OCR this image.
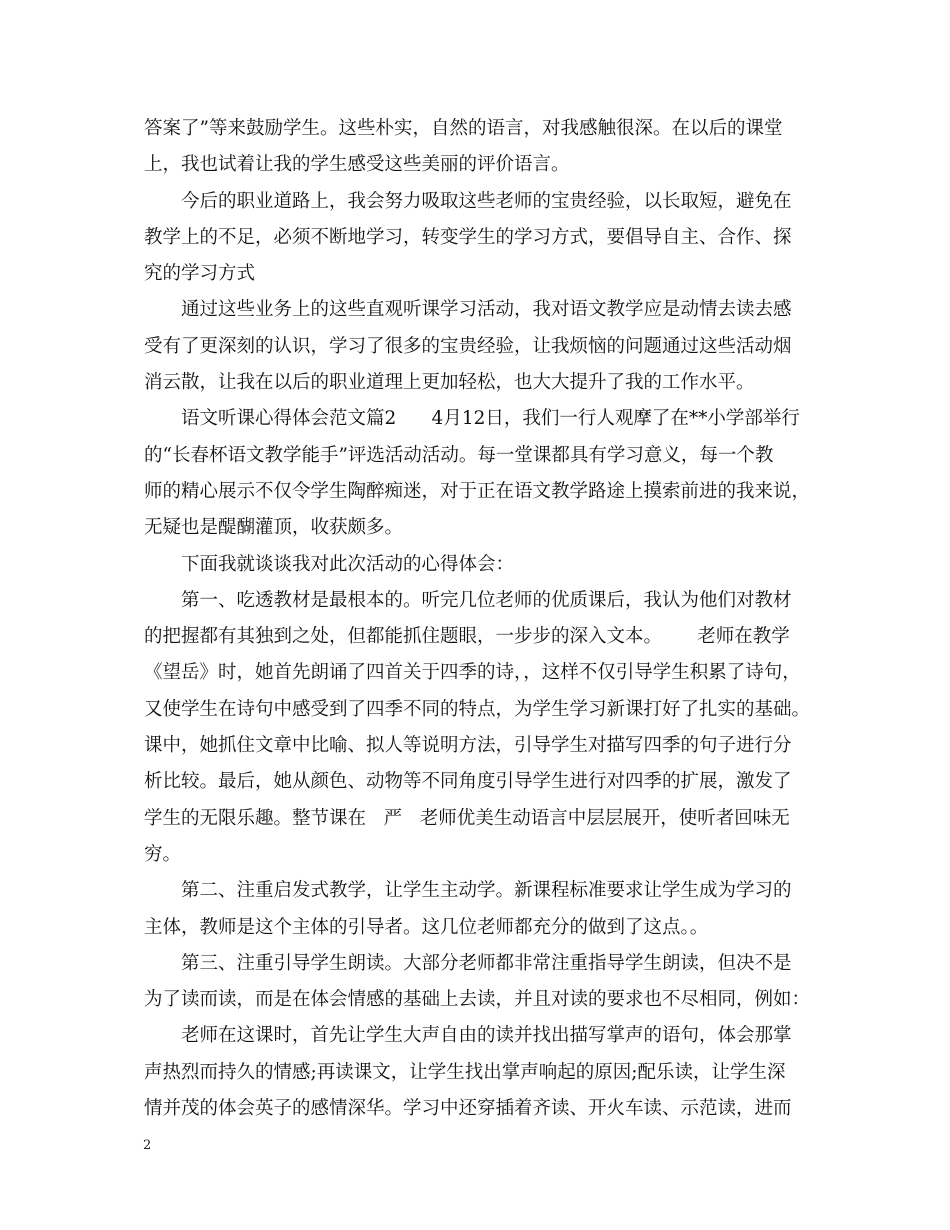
答案了”等来鼓励学生。这些朴实，自然的语言，对我感触很深。在以后的课堂
上，我也试着让我的学生感受这些美丽的评价语言。
今后的职业道路上，我会努力吸取这些老师的宝贵经验，以长取短，避免在
教学上的不足，必须不断地学习，转变学生的学习方式，要倡导自主、合作、探
究的学习方式
通过这些业务上的这些直观听课学习活动，我对语文教学应是动情去读去感
受有了更深刻的认识，学习了很多的宝贵经验，让我烦恼的问题通过这些活动烟
消云散，让我在以后的职业道理上更加轻松，也大大提升了我的工作水平。
语文听课心得体会范文篇2      4月12日，我们一行人观摩了在**小学部举行
的“长春杯语文教学能手”评选活动活动。每一堂课都具有学习意义，每一个教
师的精心展示不仅令学生陶醉痴迷，对于正在语文教学路途上摸索前进的我来说，
无疑也是醍醐灌顶，收获颇多。
下面我就谈谈我对此次活动的心得体会：
第一、吃透教材是最根本的。听完几位老师的优质课后，我认为他们对教材
的把握都有其独到之处，但都能抓住题眼，一步步的深入文本。      老师在教学
《望岳》时，她首先朗诵了四首关于四季的诗，，这样不仅引导学生积累了诗句，
又使学生在诗句中感受到了四季不同的特点，为学生学习新课打好了扎实的基础。
课中，她抓住文章中比喻、拟人等说明方法，引导学生对描写四季的句子进行分
析比较。最后，她从颜色、动物等不同角度引导学生进行对四季的扩展，激发了
学生的无限乐趣。整节课在   严   老师优美生动语言中层层展开，使听者回味无
穷。
第二、注重启发式教学，让学生主动学。新课程标准要求让学生成为学习的
主体，教师是这个主体的引导者。这几位老师都充分的做到了这点。。
第三、注重引导学生朗读。大部分老师都非常注重指导学生朗读，但决不是
为了读而读，而是在体会情感的基础上去读，并且对读的要求也不尽相同，例如：
老师在这课时，首先让学生大声自由的读并找出描写掌声的语句，体会那掌
声热烈而持久的情感;再读课文，让学生找出掌声响起的原因;配乐读，让学生深
情并茂的体会英子的感情深华。学习中还穿插着齐读、开火车读、示范读，进而
2
